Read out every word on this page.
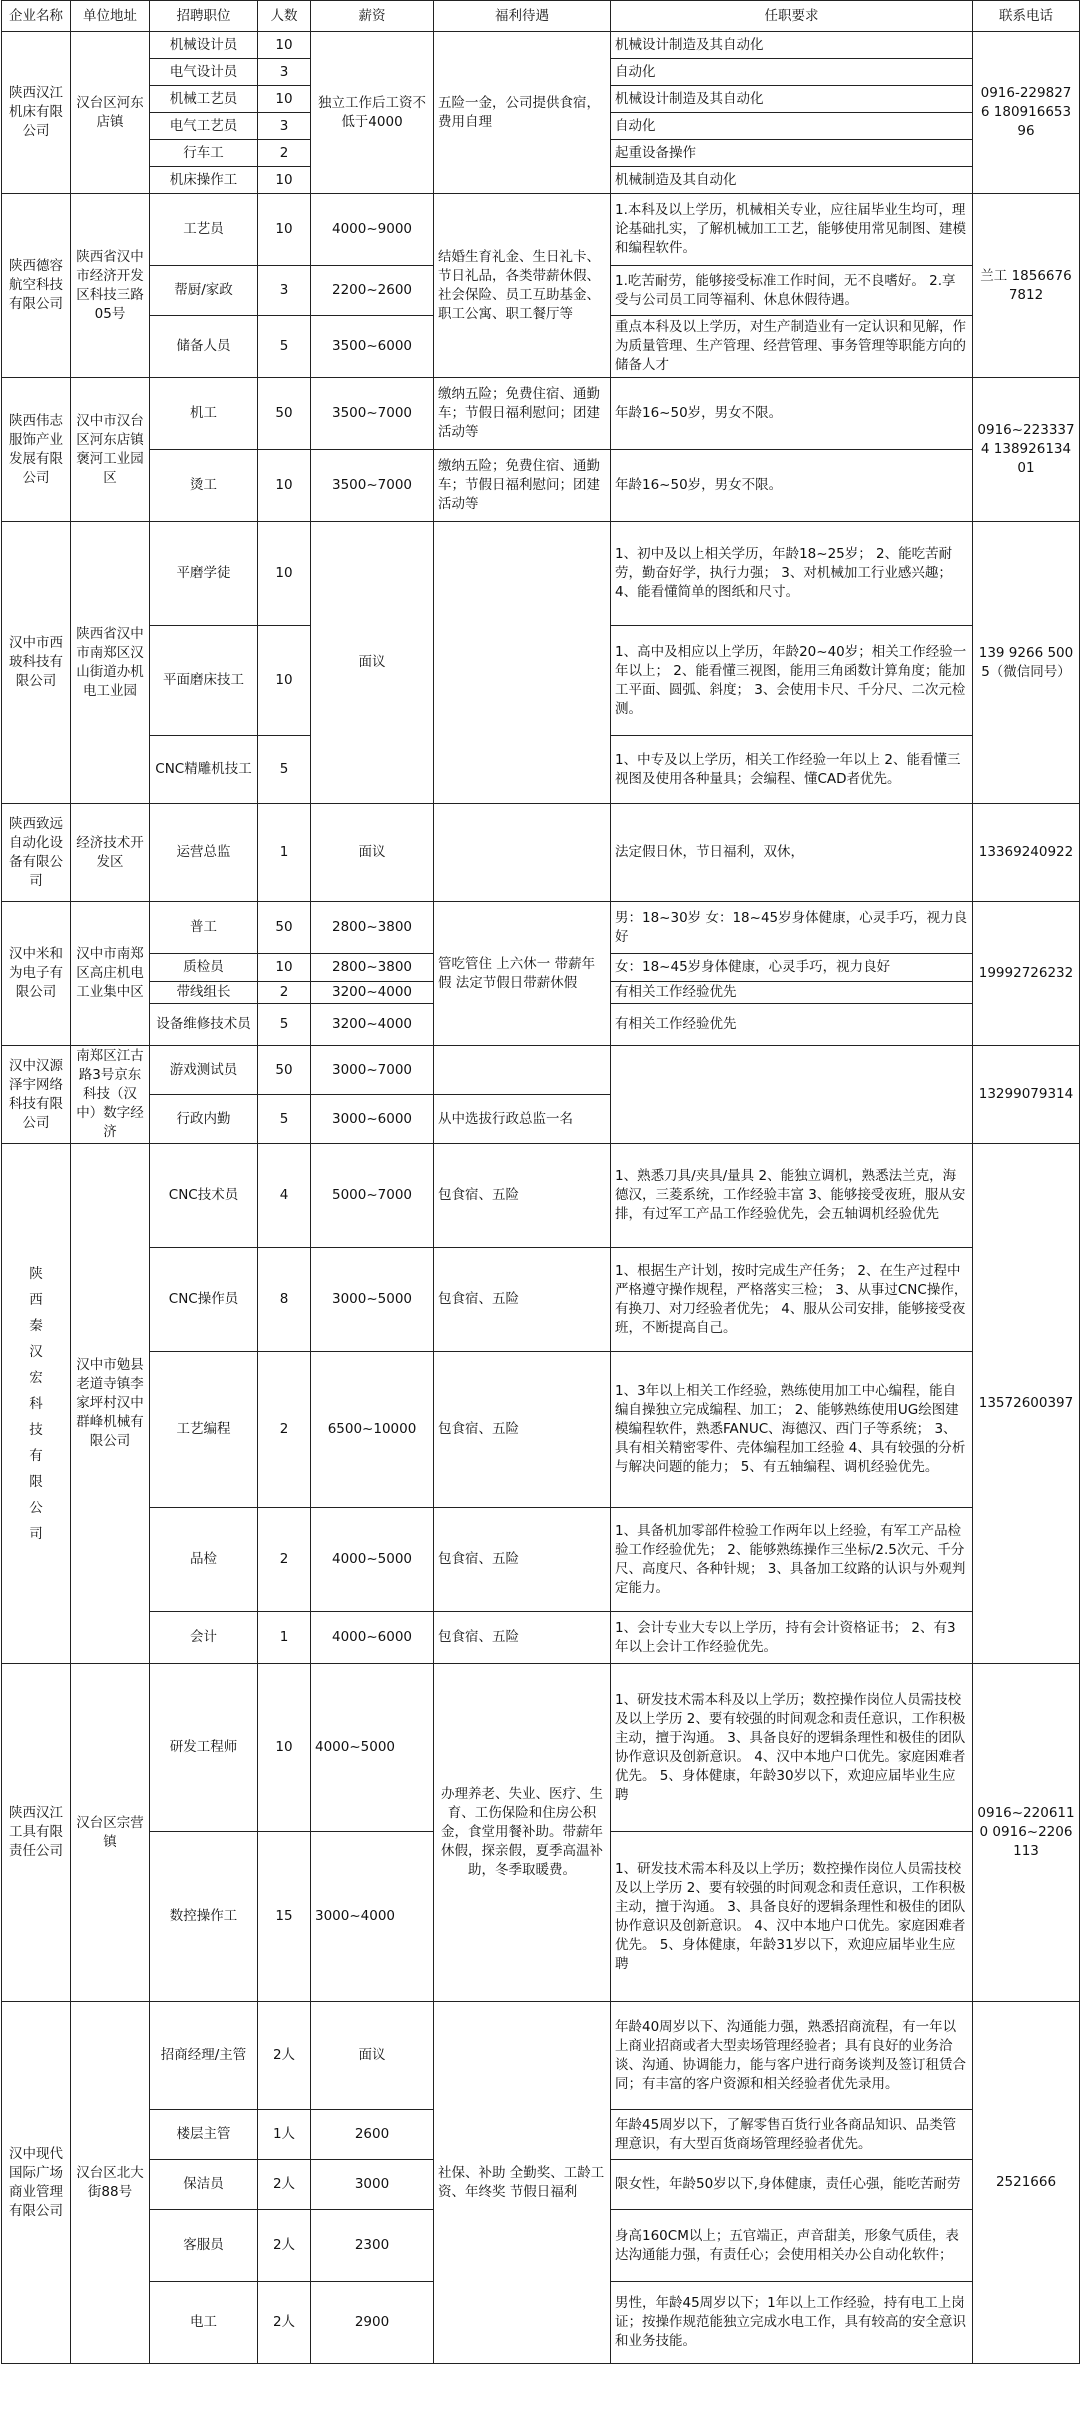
企业名称	单位地址	招聘职位	人数	薪资	福利待遇	任职要求	联系电话
陕西汉江机床有限公司	汉台区河东店镇	机械设计员	10	独立工作后工资不低于4000	五险一金，公司提供食宿，费用自理	机械设计制造及其自动化	0916-2298276 18091665396
		电气设计员	3			自动化	
		机械工艺员	10			机械设计制造及其自动化	
		电气工艺员	3			自动化	
		行车工	2			起重设备操作	
		机床操作工	10			机械制造及其自动化	
陕西德容航空科技有限公司	陕西省汉中市经济开发区科技三路05号	工艺员	10	4000~9000	结婚生育礼金、生日礼卡、节日礼品，各类带薪休假、社会保险、员工互助基金、职工公寓、职工餐厅等	1.本科及以上学历，机械相关专业，应往届毕业生均可，理论基础扎实，了解机械加工工艺，能够使用常见制图、建模和编程软件。	兰工 18566767812
		帮厨/家政	3	2200~2600		1.吃苦耐劳，能够接受标准工作时间，无不良嗜好。 2.享受与公司员工同等福利、休息休假待遇。	
		储备人员	5	3500~6000		重点本科及以上学历，对生产制造业有一定认识和见解，作为质量管理、生产管理、经营管理、事务管理等职能方向的储备人才	
陕西伟志服饰产业发展有限公司	汉中市汉台区河东店镇褒河工业园区	机工	50	3500~7000	缴纳五险；免费住宿、通勤车；节假日福利慰问；团建活动等	年龄16~50岁，男女不限。	0916~2233374 13892613401
		烫工	10	3500~7000	缴纳五险；免费住宿、通勤车；节假日福利慰问；团建活动等	年龄16~50岁，男女不限。	
汉中市西玻科技有限公司	陕西省汉中市南郑区汉山街道办机电工业园	平磨学徒	10	面议		1、初中及以上相关学历，年龄18~25岁； 2、能吃苦耐劳，勤奋好学，执行力强； 3、对机械加工行业感兴趣； 4、能看懂简单的图纸和尺寸。	139 9266 5005（微信同号）
		平面磨床技工	10			1、高中及相应以上学历，年龄20~40岁；相关工作经验一年以上； 2、能看懂三视图，能用三角函数计算角度；能加工平面、圆弧、斜度； 3、会使用卡尺、千分尺、二次元检测。	
		CNC精雕机技工	5			1、中专及以上学历，相关工作经验一年以上 2、能看懂三视图及使用各种量具；会编程、懂CAD者优先。	
陕西致远自动化设备有限公司	经济技术开发区	运营总监	1	面议		法定假日休，节日福利，双休，	13369240922
汉中米和为电子有限公司	汉中市南郑区高庄机电工业集中区	普工	50	2800~3800	管吃管住 上六休一 带薪年假 法定节假日带薪休假	男：18~30岁 女：18~45岁身体健康，心灵手巧，视力良好	19992726232
		质检员	10	2800~3800		女：18~45岁身体健康，心灵手巧，视力良好	
		带线组长	2	3200~4000		有相关工作经验优先	
		设备维修技术员	5	3200~4000		有相关工作经验优先	
汉中汉源泽宇网络科技有限公司	南郑区江古路3号京东科技（汉中）数字经济	游戏测试员	50	3000~7000			13299079314
		行政内勤	5	3000~6000	从中选拔行政总监一名		

陕西秦汉宏科技有限公司	汉中市勉县老道寺镇李家坪村汉中群峰机械有限公司	CNC技术员	4	5000~7000	包食宿、五险	1、熟悉刀具/夹具/量具 2、能独立调机，熟悉法兰克，海德汉，三菱系统，工作经验丰富 3、能够接受夜班，服从安排，有过军工产品工作经验优先，会五轴调机经验优先	13572600397
		CNC操作员	8	3000~5000	包食宿、五险	1、根据生产计划，按时完成生产任务； 2、在生产过程中严格遵守操作规程，严格落实三检； 3、从事过CNC操作，有换刀、对刀经验者优先； 4、服从公司安排，能够接受夜班，不断提高自己。	
		工艺编程	2	6500~10000	包食宿、五险	1、3年以上相关工作经验，熟练使用加工中心编程，能自编自操独立完成编程、加工； 2、能够熟练使用UG绘图建模编程软件，熟悉FANUC、海德汉、西门子等系统； 3、具有相关精密零件、壳体编程加工经验 4、具有较强的分析与解决问题的能力； 5、有五轴编程、调机经验优先。	
		品检	2	4000~5000	包食宿、五险	1、具备机加零部件检验工作两年以上经验，有军工产品检验工作经验优先； 2、能够熟练操作三坐标/2.5次元、千分尺、高度尺、各种针规； 3、具备加工纹路的认识与外观判定能力。	
		会计	1	4000~6000	包食宿、五险	1、会计专业大专以上学历，持有会计资格证书； 2、有3年以上会计工作经验优先。	
陕西汉江工具有限责任公司	汉台区宗营镇	研发工程师	10	4000~5000	办理养老、失业、医疗、生育、工伤保险和住房公积金，食堂用餐补助。带薪年休假，探亲假，夏季高温补助，冬季取暖费。	1、研发技术需本科及以上学历；数控操作岗位人员需技校及以上学历 2、要有较强的时间观念和责任意识，工作积极主动，擅于沟通。 3、具备良好的逻辑条理性和极佳的团队协作意识及创新意识。 4、汉中本地户口优先。家庭困难者优先。 5、身体健康，年龄30岁以下，欢迎应届毕业生应聘	0916~2206110 0916~2206113
		数控操作工	15	3000~4000		1、研发技术需本科及以上学历；数控操作岗位人员需技校及以上学历 2、要有较强的时间观念和责任意识，工作积极主动，擅于沟通。 3、具备良好的逻辑条理性和极佳的团队协作意识及创新意识。 4、汉中本地户口优先。家庭困难者优先。 5、身体健康，年龄31岁以下，欢迎应届毕业生应聘	
汉中现代国际广场商业管理有限公司	汉台区北大街88号	招商经理/主管	2人	面议	社保、补助 全勤奖、工龄工资、年终奖 节假日福利	年龄40周岁以下、沟通能力强，熟悉招商流程，有一年以上商业招商或者大型卖场管理经验者；具有良好的业务洽谈、沟通、协调能力，能与客户进行商务谈判及签订租赁合同；有丰富的客户资源和相关经验者优先录用。	2521666
		楼层主管	1人	2600		年龄45周岁以下，了解零售百货行业各商品知识、品类管理意识，有大型百货商场管理经验者优先。	
		保洁员	2人	3000		限女性，年龄50岁以下,身体健康，责任心强，能吃苦耐劳	
		客服员	2人	2300		身高160CM以上；五官端正，声音甜美，形象气质佳，表达沟通能力强，有责任心；会使用相关办公自动化软件；	
		电工	2人	2900		男性，年龄45周岁以下；1年以上工作经验，持有电工上岗证；按操作规范能独立完成水电工作，具有较高的安全意识和业务技能。	
